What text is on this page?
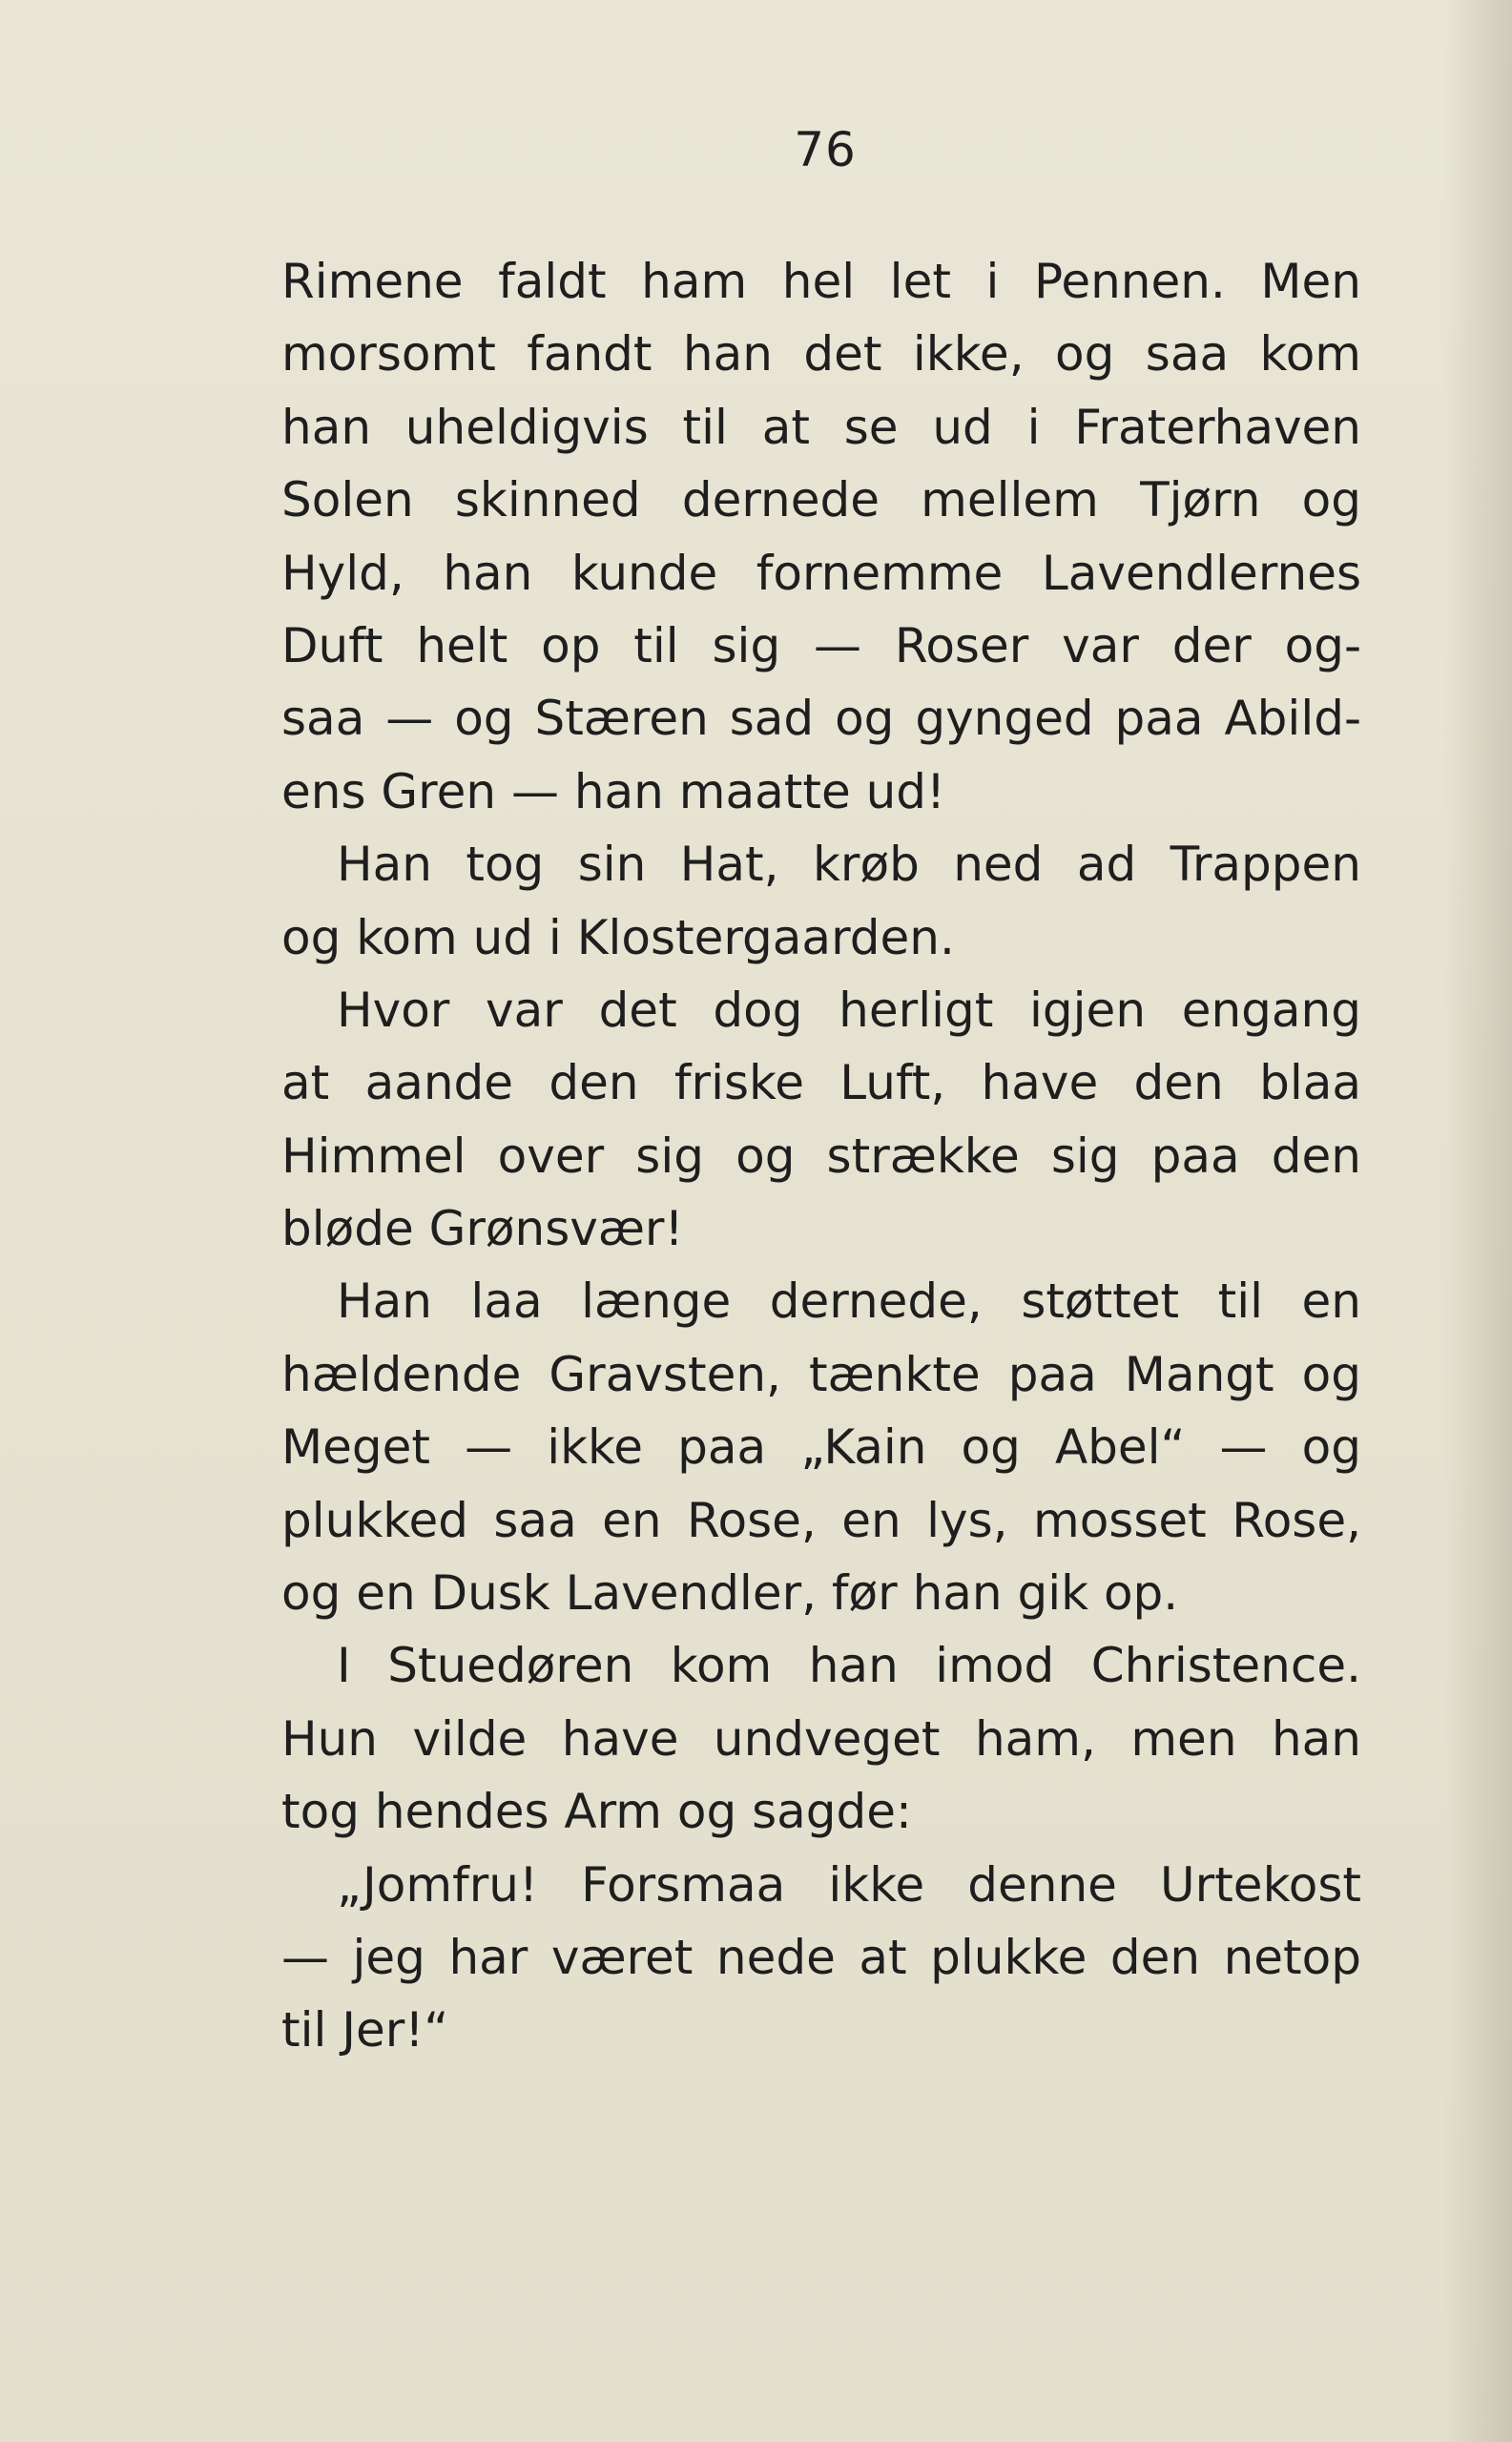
76
Rimene faldt ham hel let i Pennen. Men
morsomt fandt han det ikke, og saa kom
han uheldigvis til at se ud i Fraterhaven
Solen skinned dernede mellem Tjørn og
Hyld, han kunde fornemme Lavendlernes
Duft helt op til sig — Roser var der og-
saa — og Stæren sad og gynged paa Abild-
ens Gren — han maatte ud!
Han tog sin Hat, krøb ned ad Trappen
og kom ud i Klostergaarden.
Hvor var det dog herligt igjen engang
at aande den friske Luft, have den blaa
Himmel over sig og strække sig paa den
bløde Grønsvær!
Han laa længe dernede, støttet til en
hældende Gravsten, tænkte paa Mangt og
Meget — ikke paa „Kain og Abel“ — og
plukked saa en Rose, en lys, mosset Rose,
og en Dusk Lavendler, før han gik op.
I Stuedøren kom han imod Christence.
Hun vilde have undveget ham, men han
tog hendes Arm og sagde:
„Jomfru! Forsmaa ikke denne Urtekost
— jeg har været nede at plukke den netop
til Jer!“
